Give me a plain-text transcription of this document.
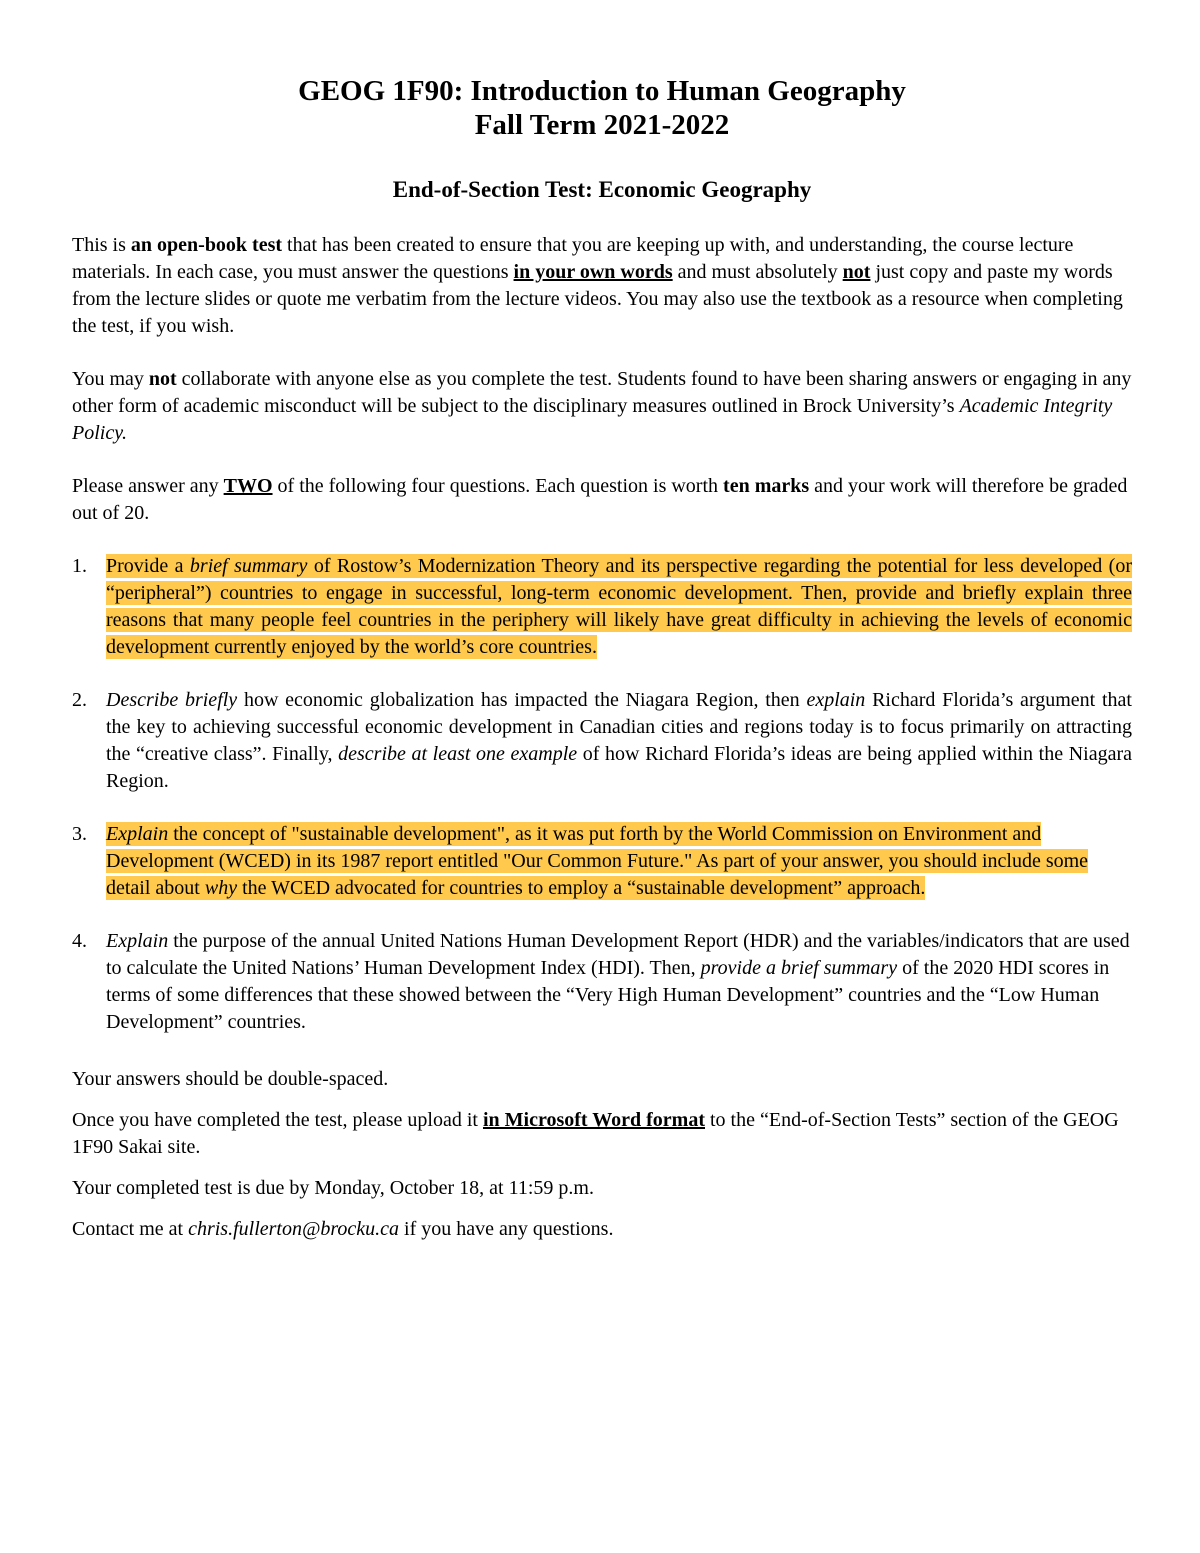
GEOG 1F90: Introduction to Human Geography
Fall Term 2021-2022
End-of-Section Test: Economic Geography

This is an open-book test that has been created to ensure that you are keeping up with, and understanding, the course lecture materials. In each case, you must answer the questions in your own words and must absolutely not just copy and paste my words from the lecture slides or quote me verbatim from the lecture videos. You may also use the textbook as a resource when completing the test, if you wish.

You may not collaborate with anyone else as you complete the test. Students found to have been sharing answers or engaging in any other form of academic misconduct will be subject to the disciplinary measures outlined in Brock University’s Academic Integrity Policy.

Please answer any TWO of the following four questions. Each question is worth ten marks and your work will therefore be graded out of 20.

1. Provide a brief summary of Rostow’s Modernization Theory and its perspective regarding the potential for less developed (or “peripheral”) countries to engage in successful, long-term economic development. Then, provide and briefly explain three reasons that many people feel countries in the periphery will likely have great difficulty in achieving the levels of economic development currently enjoyed by the world’s core countries.
2. Describe briefly how economic globalization has impacted the Niagara Region, then explain Richard Florida’s argument that the key to achieving successful economic development in Canadian cities and regions today is to focus primarily on attracting the “creative class”. Finally, describe at least one example of how Richard Florida’s ideas are being applied within the Niagara Region.
3. Explain the concept of "sustainable development", as it was put forth by the World Commission on Environment and Development (WCED) in its 1987 report entitled "Our Common Future." As part of your answer, you should include some detail about why the WCED advocated for countries to employ a “sustainable development” approach.
4. Explain the purpose of the annual United Nations Human Development Report (HDR) and the variables/indicators that are used to calculate the United Nations’ Human Development Index (HDI). Then, provide a brief summary of the 2020 HDI scores in terms of some differences that these showed between the “Very High Human Development” countries and the “Low Human Development” countries.

Your answers should be double-spaced.

Once you have completed the test, please upload it in Microsoft Word format to the “End-of-Section Tests” section of the GEOG 1F90 Sakai site.

Your completed test is due by Monday, October 18, at 11:59 p.m.

Contact me at chris.fullerton@brocku.ca if you have any questions.
